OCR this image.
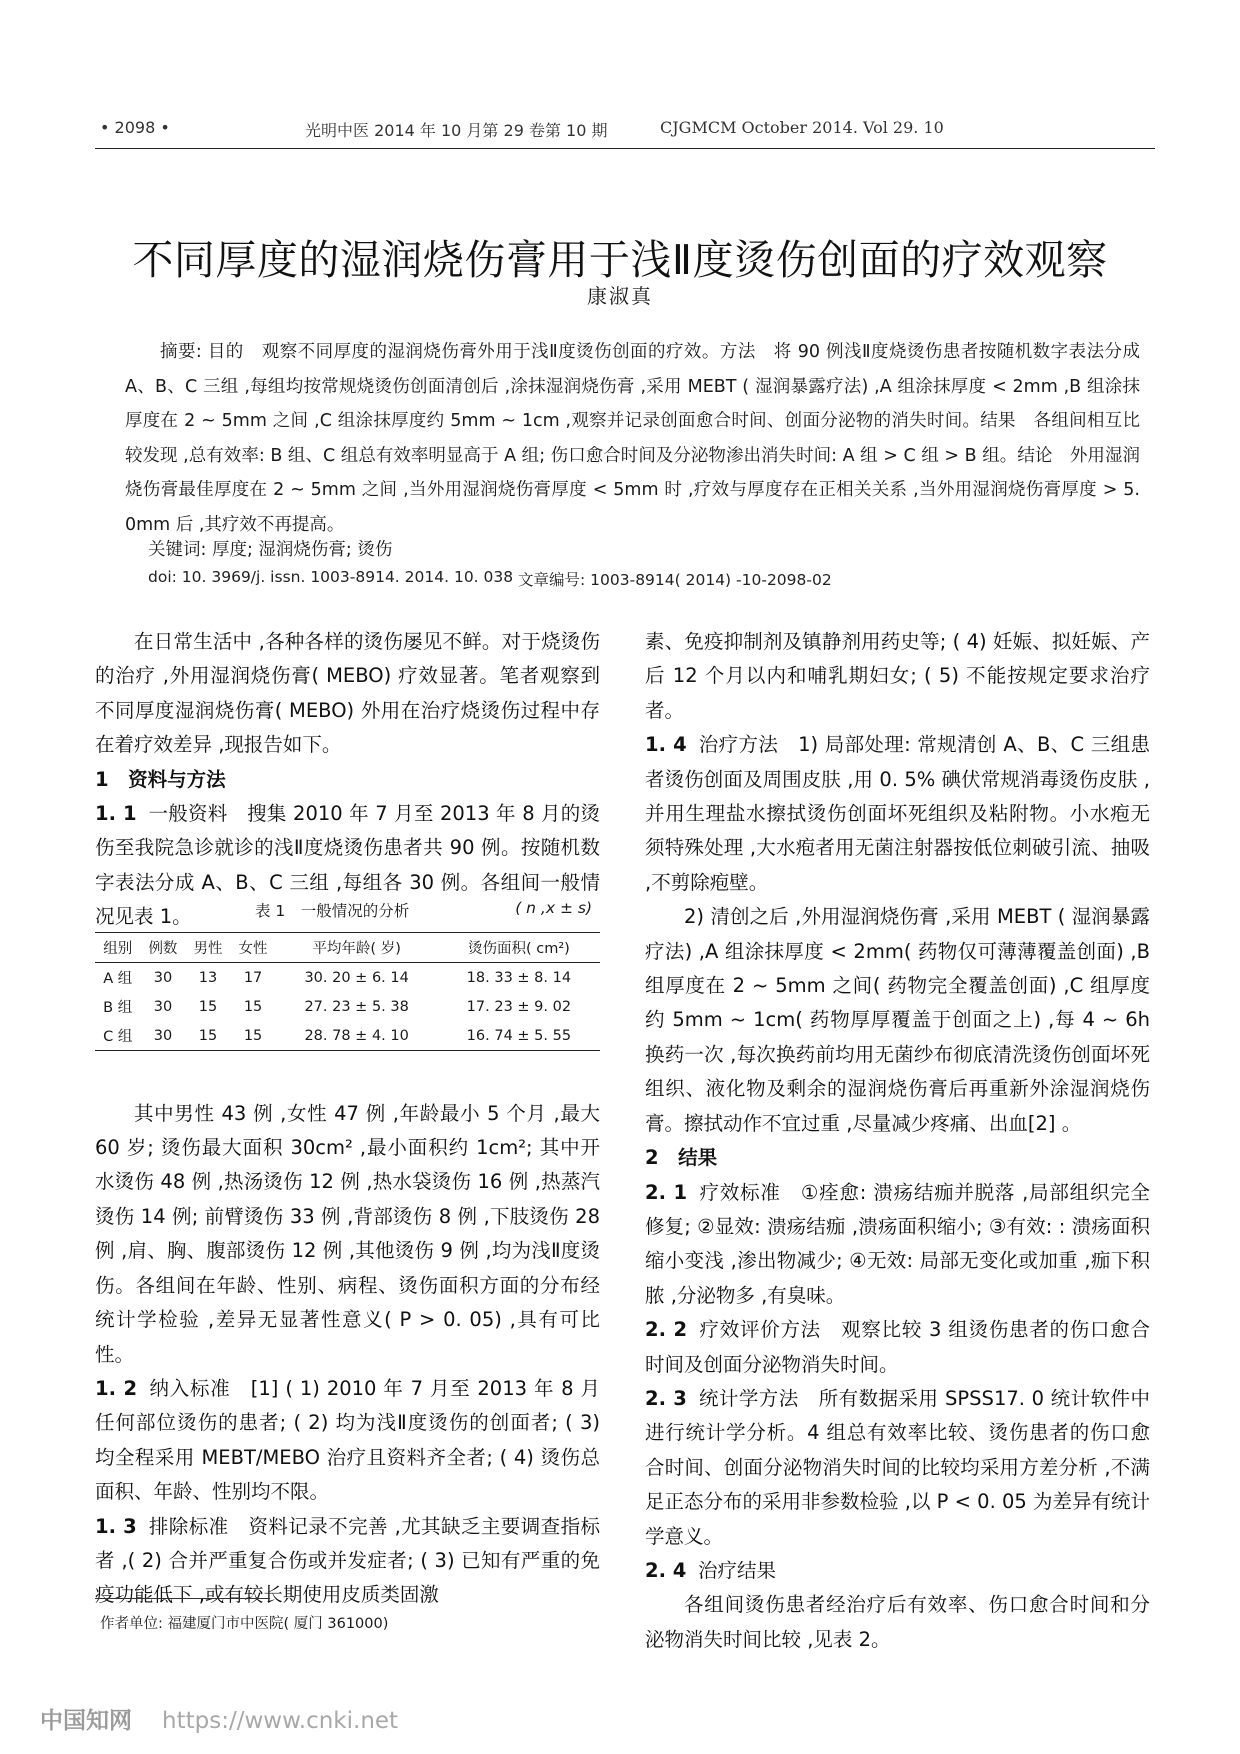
• 2098 •	光明中医 2014 年 10 月第 29 卷第 10 期	CJGMCM October 2014. Vol 29. 10
不同厚度的湿润烧伤膏用于浅Ⅱ度烫伤创面的疗效观察
康淑真

摘要: 目的　观察不同厚度的湿润烧伤膏外用于浅Ⅱ度烫伤创面的疗效。方法　将 90 例浅Ⅱ度烧烫伤患者按随机数字表法分成 A、B、C 三组 ,每组均按常规烧烫伤创面清创后 ,涂抹湿润烧伤膏 ,采用 MEBT ( 湿润暴露疗法) ,A 组涂抹厚度 < 2mm ,B 组涂抹厚度在 2 ~ 5mm 之间 ,C 组涂抹厚度约 5mm ~ 1cm ,观察并记录创面愈合时间、创面分泌物的消失时间。结果　各组间相互比较发现 ,总有效率: B 组、C 组总有效率明显高于 A 组; 伤口愈合时间及分泌物渗出消失时间: A 组 > C 组 > B 组。结论　外用湿润烧伤膏最佳厚度在 2 ~ 5mm 之间 ,当外用湿润烧伤膏厚度 < 5mm 时 ,疗效与厚度存在正相关关系 ,当外用湿润烧伤膏厚度 > 5. 0mm 后 ,其疗效不再提高。

关键词: 厚度; 湿润烧伤膏; 烫伤
doi: 10. 3969/j. issn. 1003-8914. 2014. 10. 038 文章编号: 1003-8914( 2014) -10-2098-02

在日常生活中 ,各种各样的烫伤屡见不鲜。对于烧烫伤的治疗 ,外用湿润烧伤膏( MEBO) 疗效显著。笔者观察到不同厚度湿润烧伤膏( MEBO) 外用在治疗烧烫伤过程中存在着疗效差异 ,现报告如下。

1　资料与方法

1. 1 一般资料　搜集 2010 年 7 月至 2013 年 8 月的烫伤至我院急诊就诊的浅Ⅱ度烧烫伤患者共 90 例。按随机数字表法分成 A、B、C 三组 ,每组各 30 例。各组间一般情况见表 1。

其中男性 43 例 ,女性 47 例 ,年龄最小 5 个月 ,最大 60 岁; 烫伤最大面积 30cm² ,最小面积约 1cm²; 其中开水烫伤 48 例 ,热汤烫伤 12 例 ,热水袋烫伤 16 例 ,热蒸汽烫伤 14 例; 前臂烫伤 33 例 ,背部烫伤 8 例 ,下肢烫伤 28 例 ,肩、胸、腹部烫伤 12 例 ,其他烫伤 9 例 ,均为浅Ⅱ度烫伤。各组间在年龄、性别、病程、烫伤面积方面的分布经统计学检验 ,差异无显著性意义( P > 0. 05) ,具有可比性。

1. 2 纳入标准　[1] ( 1) 2010 年 7 月至 2013 年 8 月任何部位烫伤的患者; ( 2) 均为浅Ⅱ度烫伤的创面者; ( 3) 均全程采用 MEBT/MEBO 治疗且资料齐全者; ( 4) 烫伤总面积、年龄、性别均不限。

1. 3 排除标准　资料记录不完善 ,尤其缺乏主要调查指标者 ,( 2) 合并严重复合伤或并发症者; ( 3) 已知有严重的免疫功能低下 ,或有较长期使用皮质类固激

表 1　一般情况的分析	( n ,x ± s)
组别	例数	男性	女性	平均年龄( 岁)	烫伤面积( cm²)
A 组	30	13	17	30. 20 ± 6. 14	18. 33 ± 8. 14
B 组	30	15	15	27. 23 ± 5. 38	17. 23 ± 9. 02
C 组	30	15	15	28. 78 ± 4. 10	16. 74 ± 5. 55

素、免疫抑制剂及镇静剂用药史等; ( 4) 妊娠、拟妊娠、产后 12 个月以内和哺乳期妇女; ( 5) 不能按规定要求治疗者。

1. 4 治疗方法　1) 局部处理: 常规清创 A、B、C 三组患者烫伤创面及周围皮肤 ,用 0. 5% 碘伏常规消毒烫伤皮肤 ,并用生理盐水擦拭烫伤创面坏死组织及粘附物。小水疱无须特殊处理 ,大水疱者用无菌注射器按低位刺破引流、抽吸 ,不剪除疱壁。

2) 清创之后 ,外用湿润烧伤膏 ,采用 MEBT ( 湿润暴露疗法) ,A 组涂抹厚度 < 2mm( 药物仅可薄薄覆盖创面) ,B 组厚度在 2 ~ 5mm 之间( 药物完全覆盖创面) ,C 组厚度约 5mm ~ 1cm( 药物厚厚覆盖于创面之上) ,每 4 ~ 6h 换药一次 ,每次换药前均用无菌纱布彻底清洗烫伤创面坏死组织、液化物及剩余的湿润烧伤膏后再重新外涂湿润烧伤膏。擦拭动作不宜过重 ,尽量减少疼痛、出血[2] 。

2　结果

2. 1 疗效标准　①痊愈: 溃疡结痂并脱落 ,局部组织完全修复; ②显效: 溃疡结痂 ,溃疡面积缩小; ③有效: : 溃疡面积缩小变浅 ,渗出物减少; ④无效: 局部无变化或加重 ,痂下积脓 ,分泌物多 ,有臭味。

2. 2 疗效评价方法　观察比较 3 组烫伤患者的伤口愈合时间及创面分泌物消失时间。

2. 3 统计学方法　所有数据采用 SPSS17. 0 统计软件中进行统计学分析。4 组总有效率比较、烫伤患者的伤口愈合时间、创面分泌物消失时间的比较均采用方差分析 ,不满足正态分布的采用非参数检验 ,以 P < 0. 05 为差异有统计学意义。

2. 4 治疗结果

各组间烫伤患者经治疗后有效率、伤口愈合时间和分泌物消失时间比较 ,见表 2。

作者单位: 福建厦门市中医院( 厦门 361000)
中国知网 https://www.cnki.net
